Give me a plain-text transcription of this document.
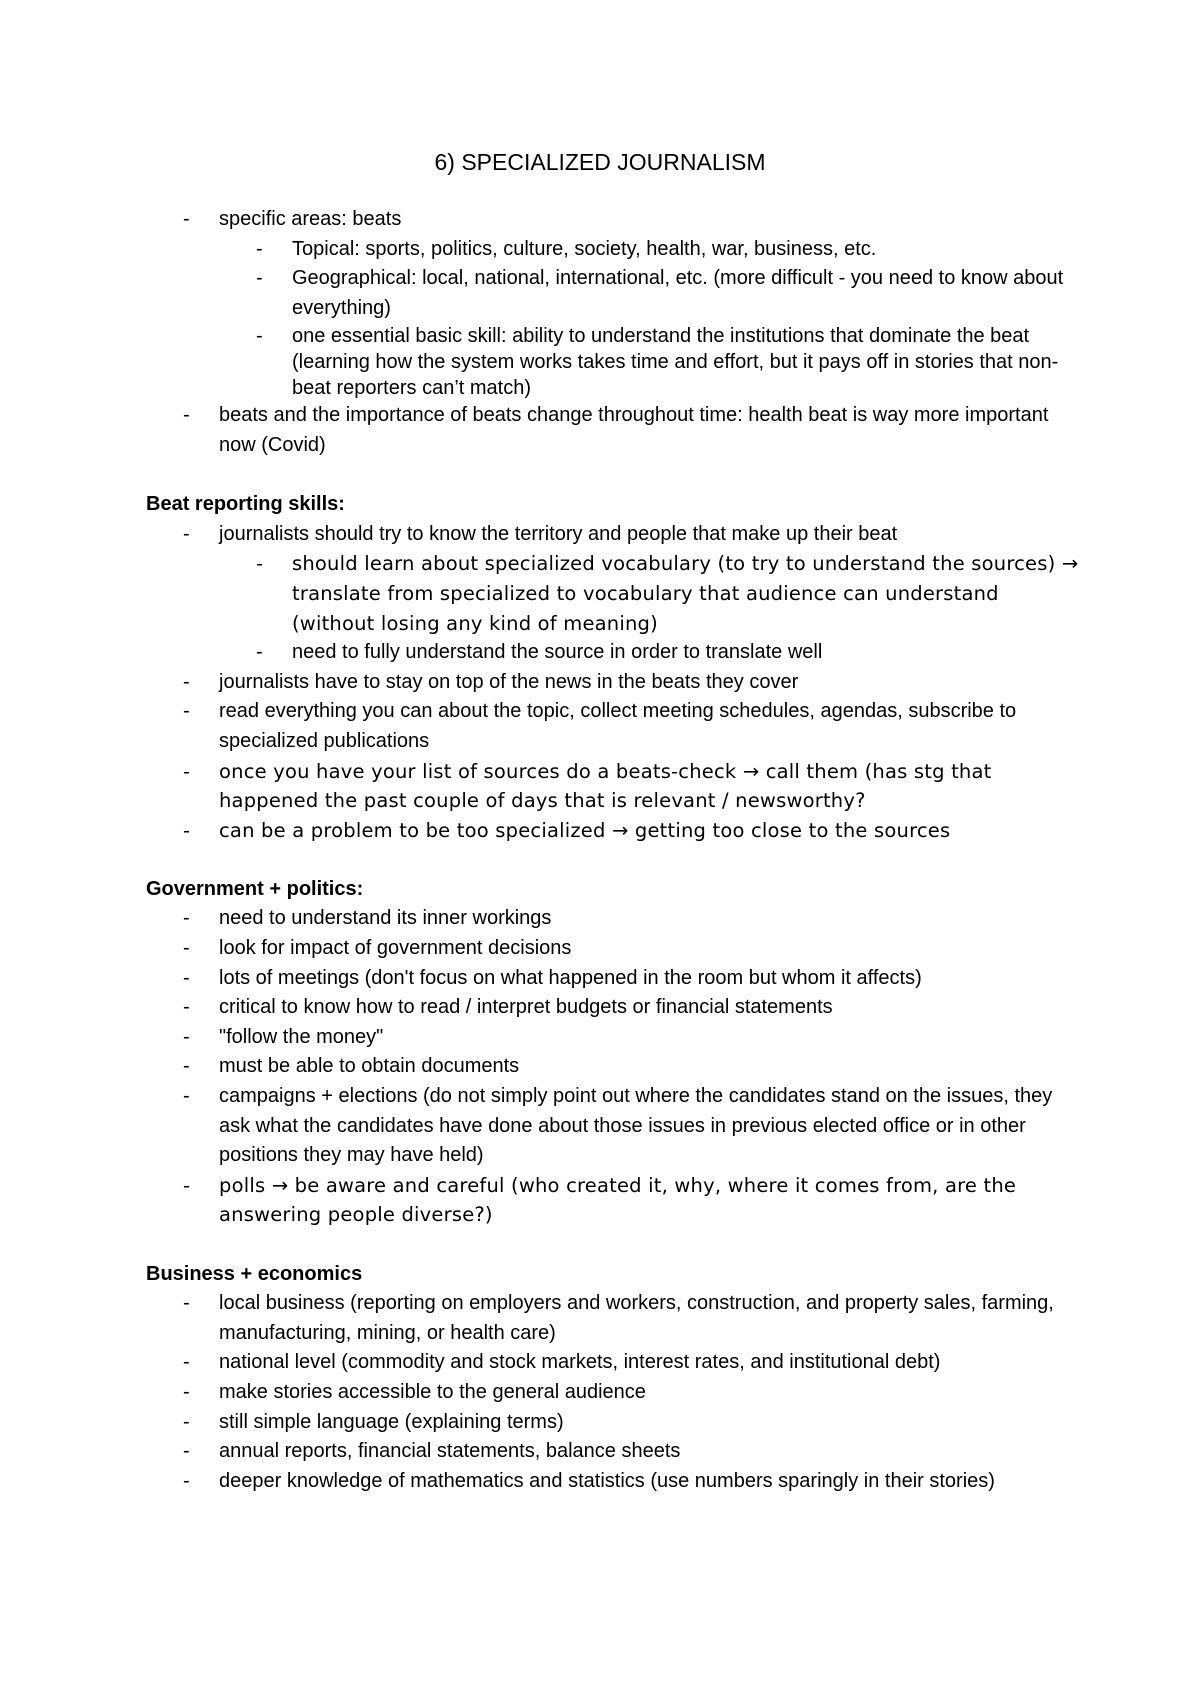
6) SPECIALIZED JOURNALISM
- specific areas: beats
- Topical: sports, politics, culture, society, health, war, business, etc.
- Geographical: local, national, international, etc. (more difficult - you need to know about everything)
- one essential basic skill: ability to understand the institutions that dominate the beat (learning how the system works takes time and effort, but it pays off in stories that non-beat reporters can’t match)
- beats and the importance of beats change throughout time: health beat is way more important now (Covid)
Beat reporting skills:
- journalists should try to know the territory and people that make up their beat
- should learn about specialized vocabulary (to try to understand the sources) → translate from specialized to vocabulary that audience can understand (without losing any kind of meaning)
- need to fully understand the source in order to translate well
- journalists have to stay on top of the news in the beats they cover
- read everything you can about the topic, collect meeting schedules, agendas, subscribe to specialized publications
- once you have your list of sources do a beats-check → call them (has stg that happened the past couple of days that is relevant / newsworthy?
- can be a problem to be too specialized → getting too close to the sources
Government + politics:
- need to understand its inner workings
- look for impact of government decisions
- lots of meetings (don't focus on what happened in the room but whom it affects)
- critical to know how to read / interpret budgets or financial statements
- "follow the money"
- must be able to obtain documents
- campaigns + elections (do not simply point out where the candidates stand on the issues, they ask what the candidates have done about those issues in previous elected office or in other positions they may have held)
- polls → be aware and careful (who created it, why, where it comes from, are the answering people diverse?)
Business + economics
- local business (reporting on employers and workers, construction, and property sales, farming, manufacturing, mining, or health care)
- national level (commodity and stock markets, interest rates, and institutional debt)
- make stories accessible to the general audience
- still simple language (explaining terms)
- annual reports, financial statements, balance sheets
- deeper knowledge of mathematics and statistics (use numbers sparingly in their stories)
